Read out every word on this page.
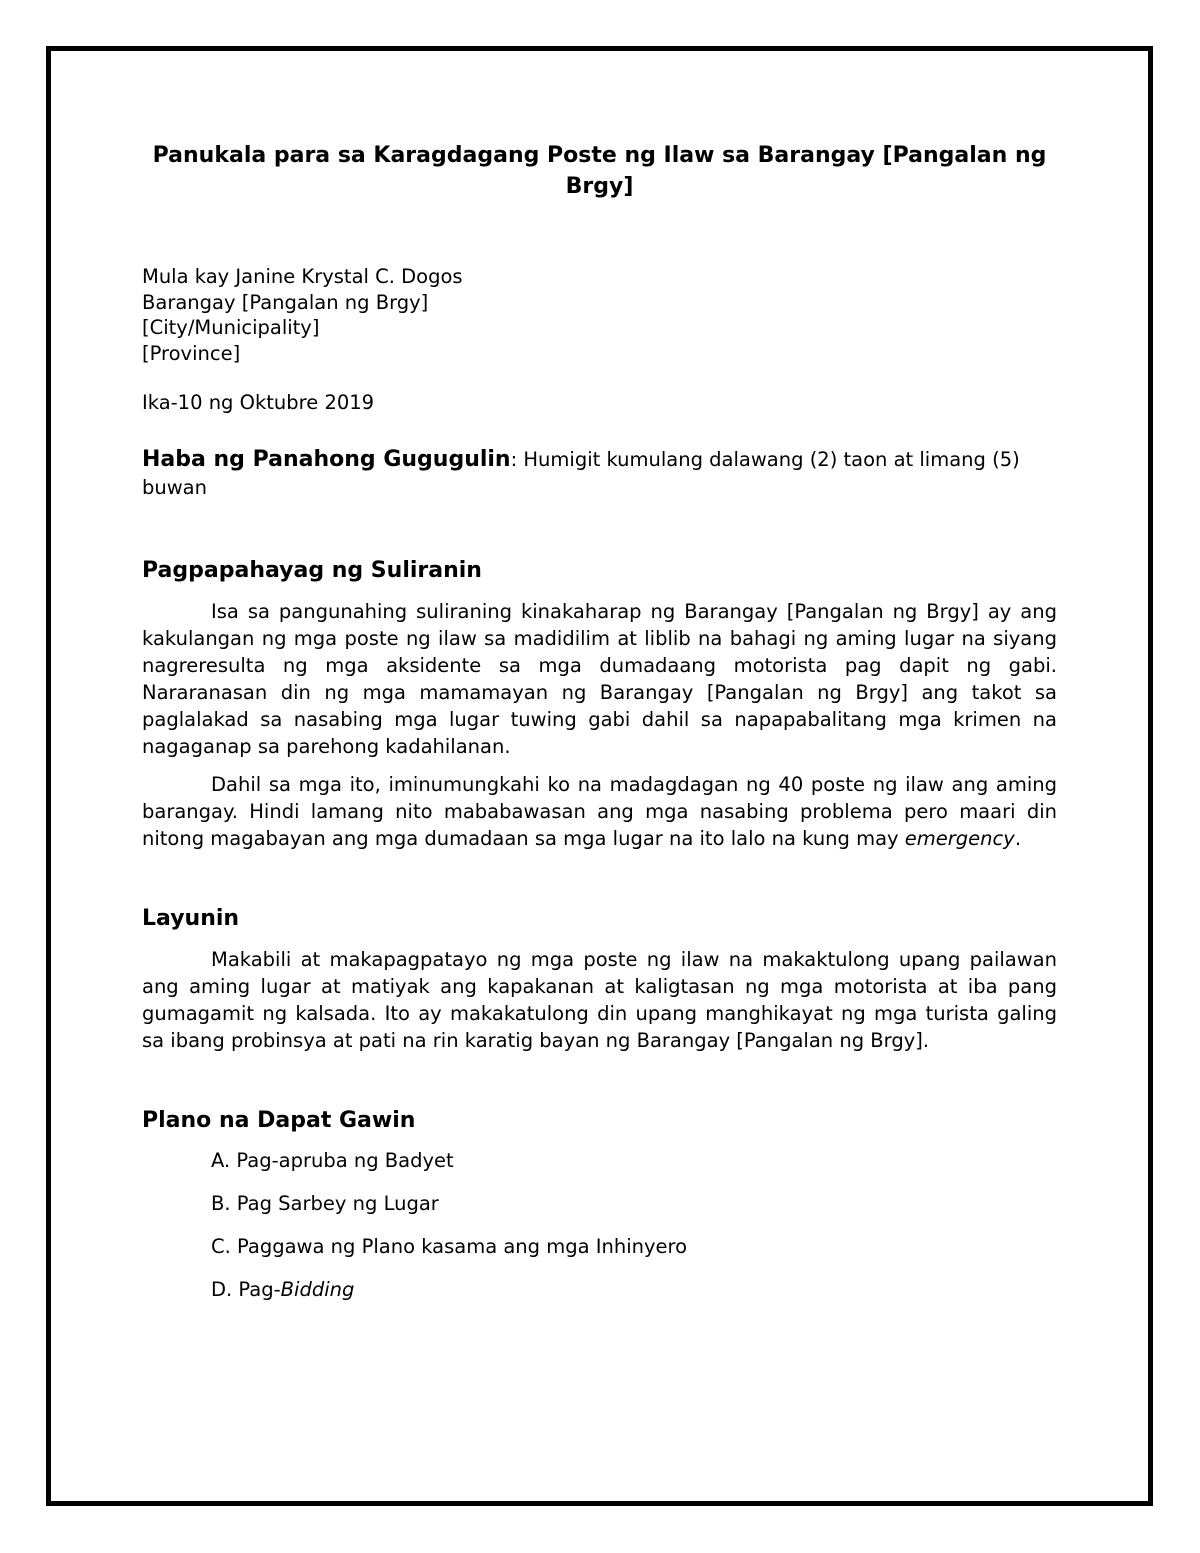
Panukala para sa Karagdagang Poste ng Ilaw sa Barangay [Pangalan ng Brgy]
Mula kay Janine Krystal C. Dogos
Barangay [Pangalan ng Brgy]
[City/Municipality]
[Province]
Ika-10 ng Oktubre 2019
Haba ng Panahong Gugugulin: Humigit kumulang dalawang (2) taon at limang (5) buwan
Pagpapahayag ng Suliranin

Isa sa pangunahing suliraning kinakaharap ng Barangay [Pangalan ng Brgy] ay ang kakulangan ng mga poste ng ilaw sa madidilim at liblib na bahagi ng aming lugar na siyang nagreresulta ng mga aksidente sa mga dumadaang motorista pag dapit ng gabi. Nararanasan din ng mga mamamayan ng Barangay [Pangalan ng Brgy] ang takot sa paglalakad sa nasabing mga lugar tuwing gabi dahil sa napapabalitang mga krimen na nagaganap sa parehong kadahilanan.

Dahil sa mga ito, iminumungkahi ko na madagdagan ng 40 poste ng ilaw ang aming barangay. Hindi lamang nito mababawasan ang mga nasabing problema pero maari din nitong magabayan ang mga dumadaan sa mga lugar na ito lalo na kung may emergency.

Layunin

Makabili at makapagpatayo ng mga poste ng ilaw na makaktulong upang pailawan ang aming lugar at matiyak ang kapakanan at kaligtasan ng mga motorista at iba pang gumagamit ng kalsada. Ito ay makakatulong din upang manghikayat ng mga turista galing sa ibang probinsya at pati na rin karatig bayan ng Barangay [Pangalan ng Brgy].

Plano na Dapat Gawin
A. Pag-apruba ng Badyet
B. Pag Sarbey ng Lugar
C. Paggawa ng Plano kasama ang mga Inhinyero
D. Pag-Bidding
